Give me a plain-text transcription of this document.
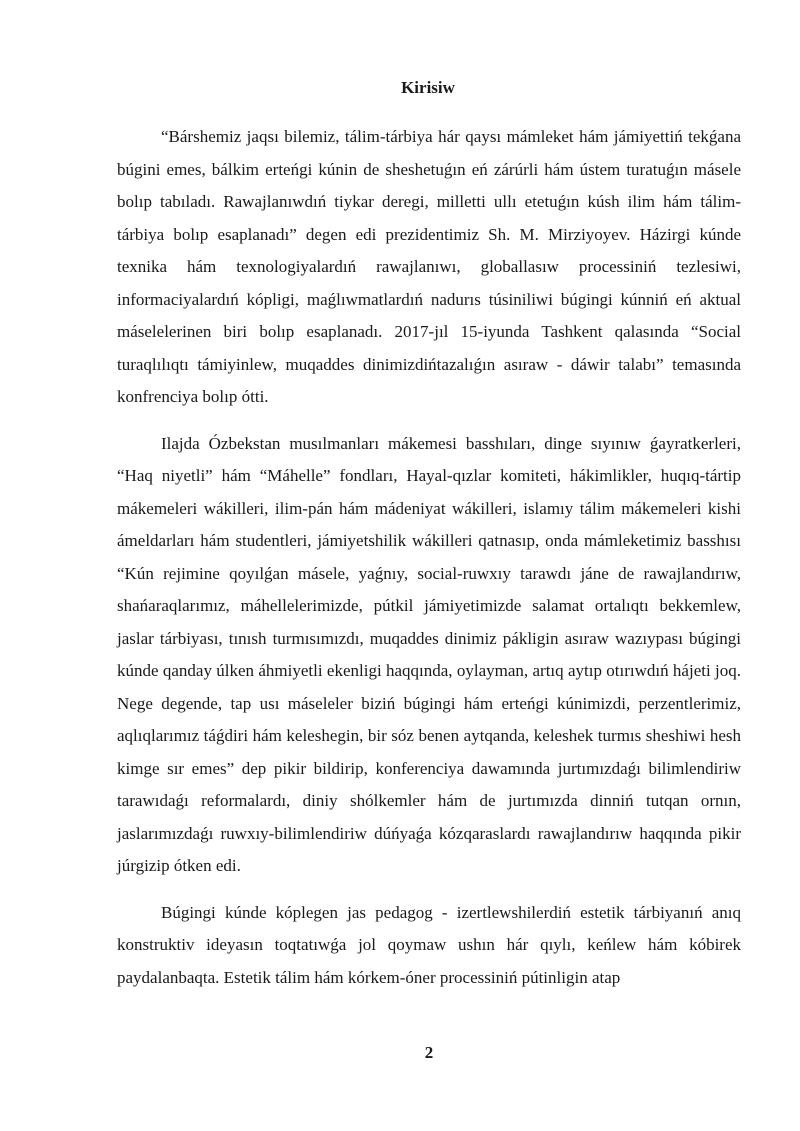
Kirisiw

“Bárshemiz jaqsı bilemiz, tálim-tárbiya hár qaysı mámleket hám jámiyettiń tekǵana búgini emes, bálkim erteńgi kúnin de sheshetuǵın eń zárúrli hám ústem turatuǵın másele bolıp tabıladı. Rawajlanıwdıń tiykar deregi, milletti ullı etetuǵın kúsh ilim hám tálim-tárbiya bolıp esaplanadı” degen edi prezidentimiz Sh. M. Mirziyoyev. Házirgi kúnde texnika hám texnologiyalardıń rawajlanıwı, globallasıw processiniń tezlesiwi, informaciyalardıń kópligi, maǵlıwmatlardıń nadurıs túsiniliwi búgingi kúnniń eń aktual máselelerinen biri bolıp esaplanadı. 2017-jıl 15-iyunda Tashkent qalasında “Social turaqlılıqtı támiyinlew, muqaddes dinimizdińtazalıǵın asıraw - dáwir talabı” temasında konfrenciya bolıp ótti.

Ilajda Ózbekstan musılmanları mákemesi basshıları, dinge sıyınıw ǵayratkerleri, “Haq niyetli” hám “Máhelle” fondları, Hayal-qızlar komiteti, hákimlikler, huqıq-tártip mákemeleri wákilleri, ilim-pán hám mádeniyat wákilleri, islamıy tálim mákemeleri kishi ámeldarları hám studentleri, jámiyetshilik wákilleri qatnasıp, onda mámleketimiz basshısı “Kún rejimine qoyılǵan másele, yaǵnıy, social-ruwxıy tarawdı jáne de rawajlandırıw, shańaraqlarımız, máhellelerimizde, pútkil jámiyetimizde salamat ortalıqtı bekkemlew, jaslar tárbiyası, tınısh turmısımızdı, muqaddes dinimiz pákligin asıraw wazıypası búgingi kúnde qanday úlken áhmiyetli ekenligi haqqında, oylayman, artıq aytıp otırıwdıń hájeti joq. Nege degende, tap usı máseleler biziń búgingi hám erteńgi kúnimizdi, perzentlerimiz, aqlıqlarımız táǵdiri hám keleshegin, bir sóz benen aytqanda, keleshek turmıs sheshiwi hesh kimge sır emes” dep pikir bildirip, konferenciya dawamında jurtımızdaǵı bilimlendiriw tarawıdaǵı reformalardı, diniy shólkemler hám de jurtımızda dinniń tutqan ornın, jaslarımızdaǵı ruwxıy-bilimlendiriw dúńyaǵa kózqaraslardı rawajlandırıw haqqında pikir júrgizip ótken edi.

Búgingi kúnde kóplegen jas pedagog - izertlewshilerdiń estetik tárbiyanıń anıq konstruktiv ideyasın toqtatıwǵa jol qoymaw ushın hár qıylı, keńlew hám kóbirek paydalanbaqta. Estetik tálim hám kórkem-óner processiniń pútinligin atap

2
